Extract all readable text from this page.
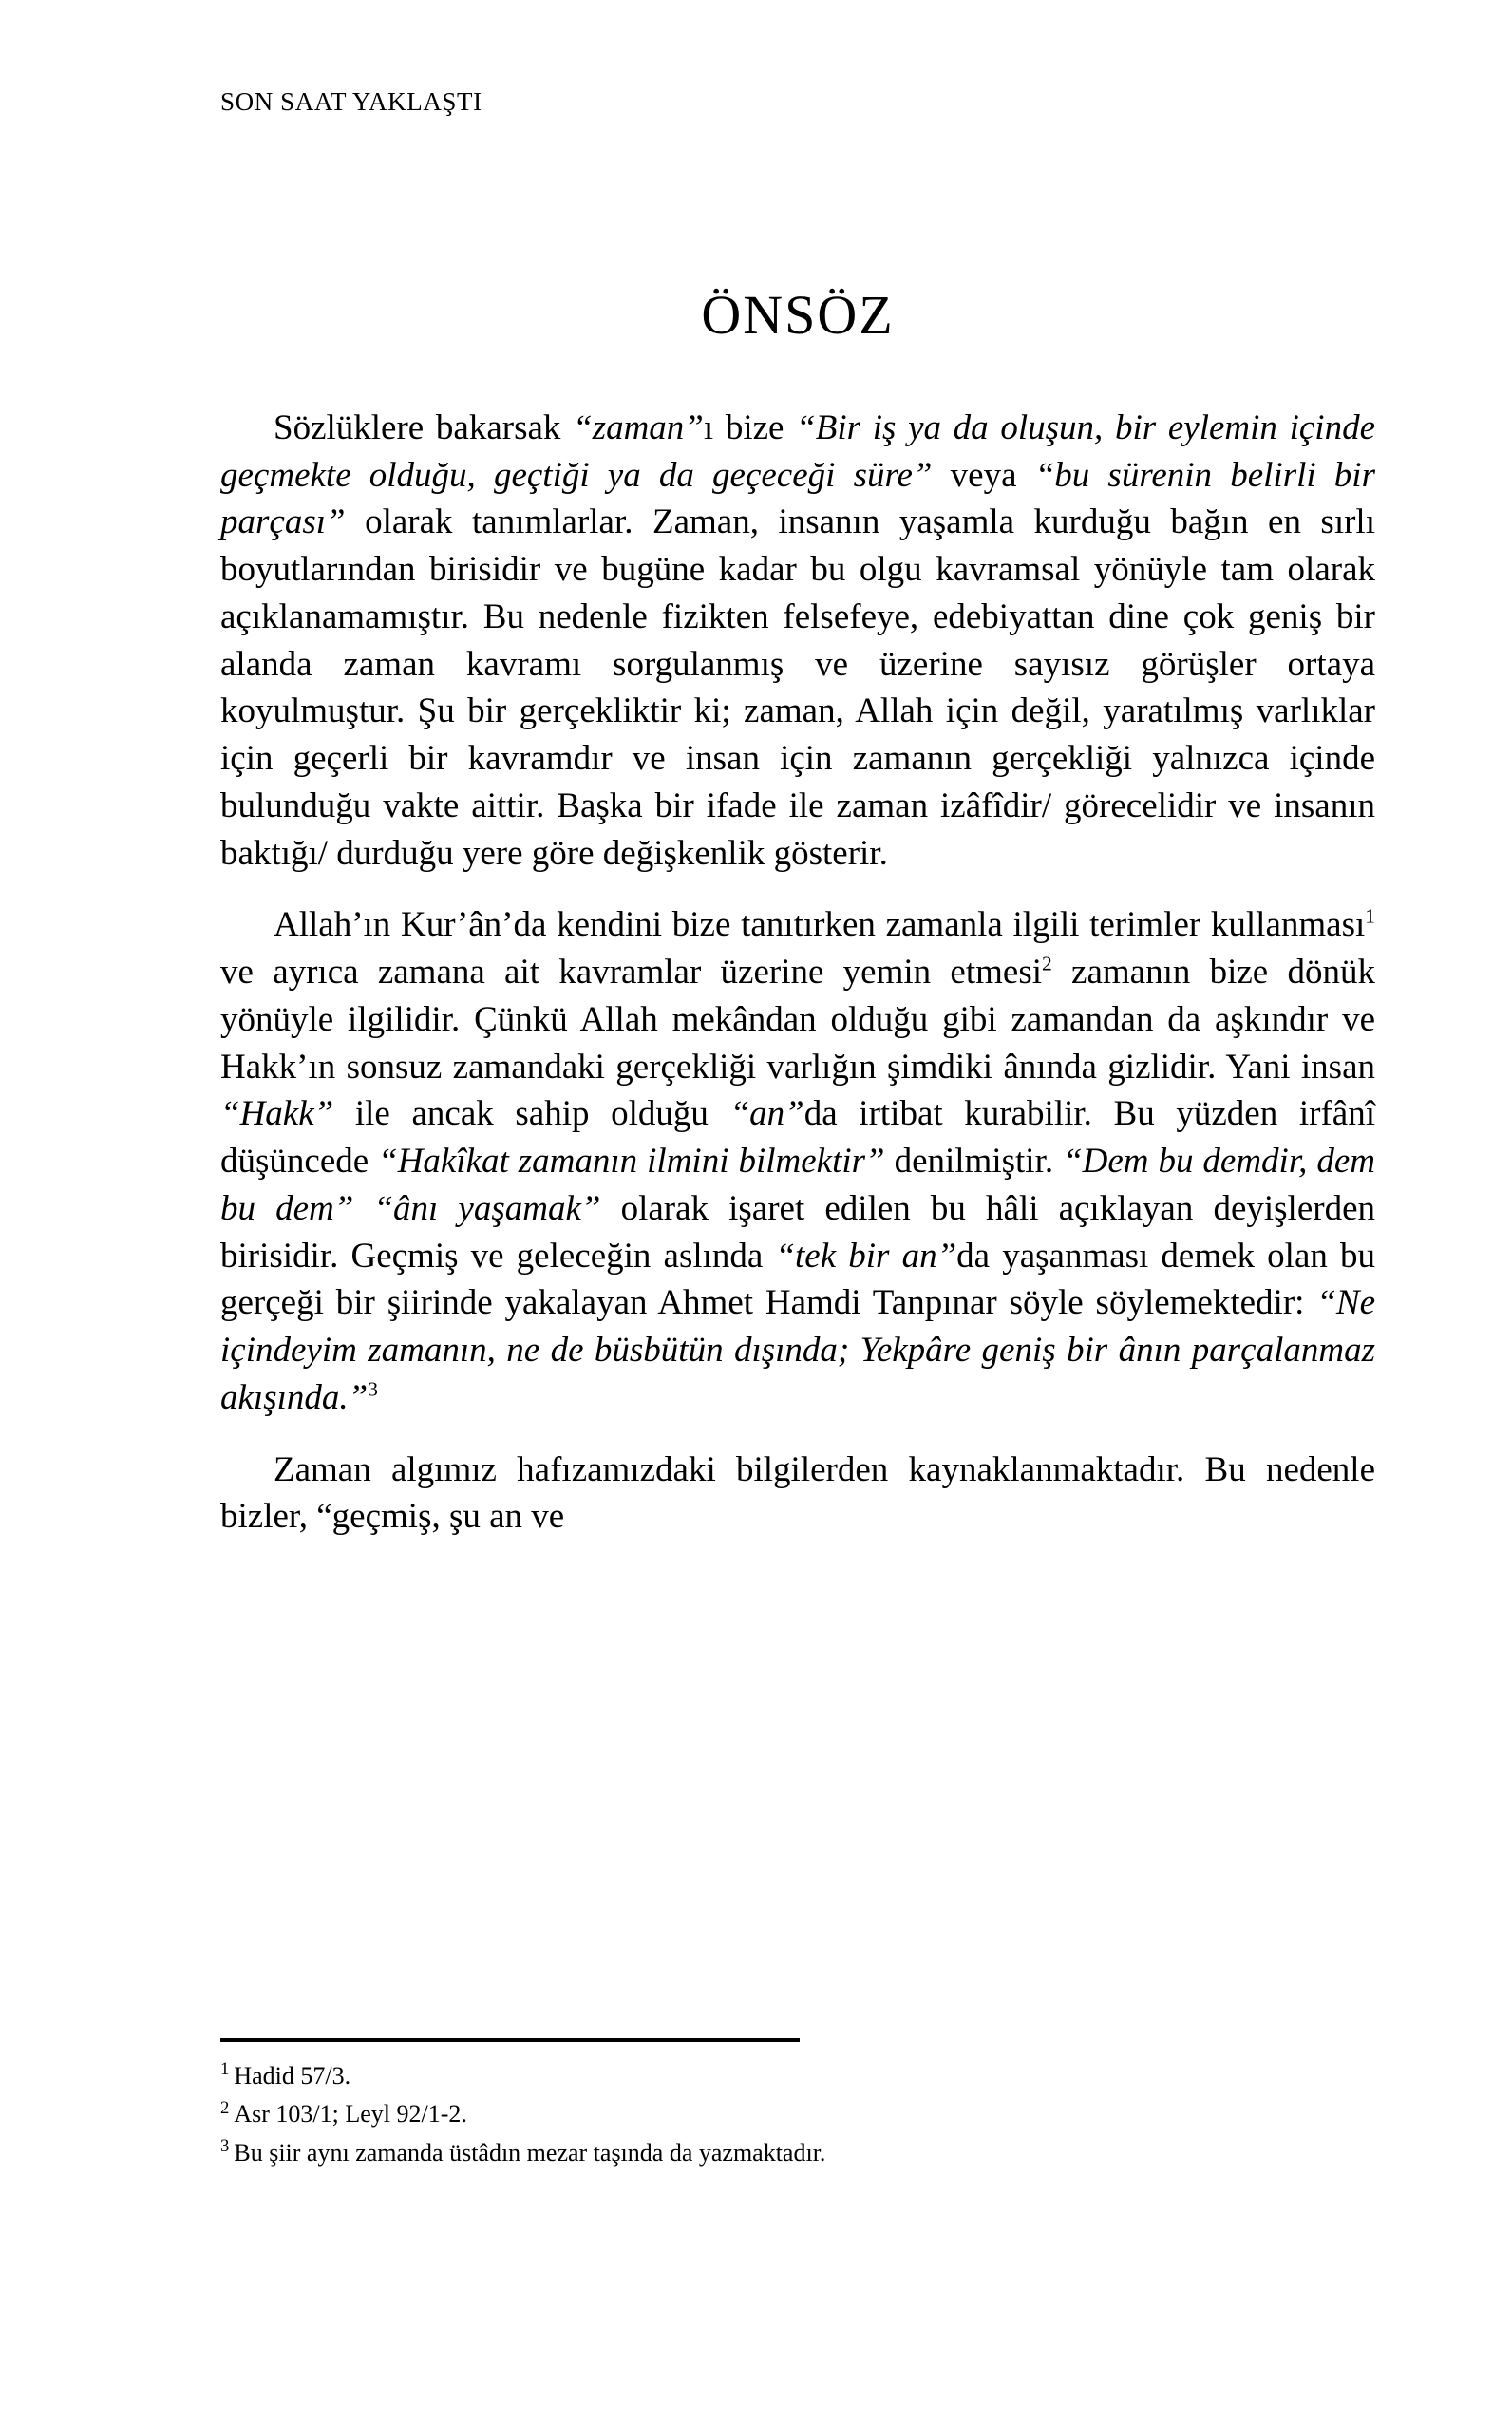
SON SAAT YAKLAŞTI
ÖNSÖZ

Sözlüklere bakarsak “zaman”ı bize “Bir iş ya da oluşun, bir eylemin içinde geçmekte olduğu, geçtiği ya da geçeceği süre” veya “bu sürenin belirli bir parçası” olarak tanımlarlar. Zaman, insanın yaşamla kurduğu bağın en sırlı boyutlarından birisidir ve bugüne kadar bu olgu kavramsal yönüyle tam olarak açıklanamamıştır. Bu nedenle fizikten felsefeye, edebiyattan dine çok geniş bir alanda zaman kavramı sorgulanmış ve üzerine sayısız görüşler ortaya koyulmuştur. Şu bir gerçekliktir ki; zaman, Allah için değil, yaratılmış varlıklar için geçerli bir kavramdır ve insan için zamanın gerçekliği yalnızca içinde bulunduğu vakte aittir. Başka bir ifade ile zaman izâfîdir/ görecelidir ve insanın baktığı/ durduğu yere göre değişkenlik gösterir.

Allah’ın Kur’ân’da kendini bize tanıtırken zamanla ilgili terimler kullanması$^1$ ve ayrıca zamana ait kavramlar üzerine yemin etmesi$^2$ zamanın bize dönük yönüyle ilgilidir. Çünkü Allah mekândan olduğu gibi zamandan da aşkındır ve Hakk’ın sonsuz zamandaki gerçekliği varlığın şimdiki ânında gizlidir. Yani insan “Hakk” ile ancak sahip olduğu “an”da irtibat kurabilir. Bu yüzden irfânî düşüncede “Hakîkat zamanın ilmini bilmektir” denilmiştir. “Dem bu demdir, dem bu dem” “ânı yaşamak” olarak işaret edilen bu hâli açıklayan deyişlerden birisidir. Geçmiş ve geleceğin aslında “tek bir an”da yaşanması demek olan bu gerçeği bir şiirinde yakalayan Ahmet Hamdi Tanpınar söyle söylemektedir: “Ne içindeyim zamanın, ne de büsbütün dışında; Yekpâre geniş bir ânın parçalanmaz akışında.”$^3$

Zaman algımız hafızamızdaki bilgilerden kaynaklanmaktadır. Bu nedenle bizler, “geçmiş, şu an ve

$^1$ Hadid 57/3.
$^2$ Asr 103/1; Leyl 92/1-2.
$^3$ Bu şiir aynı zamanda üstâdın mezar taşında da yazmaktadır.
